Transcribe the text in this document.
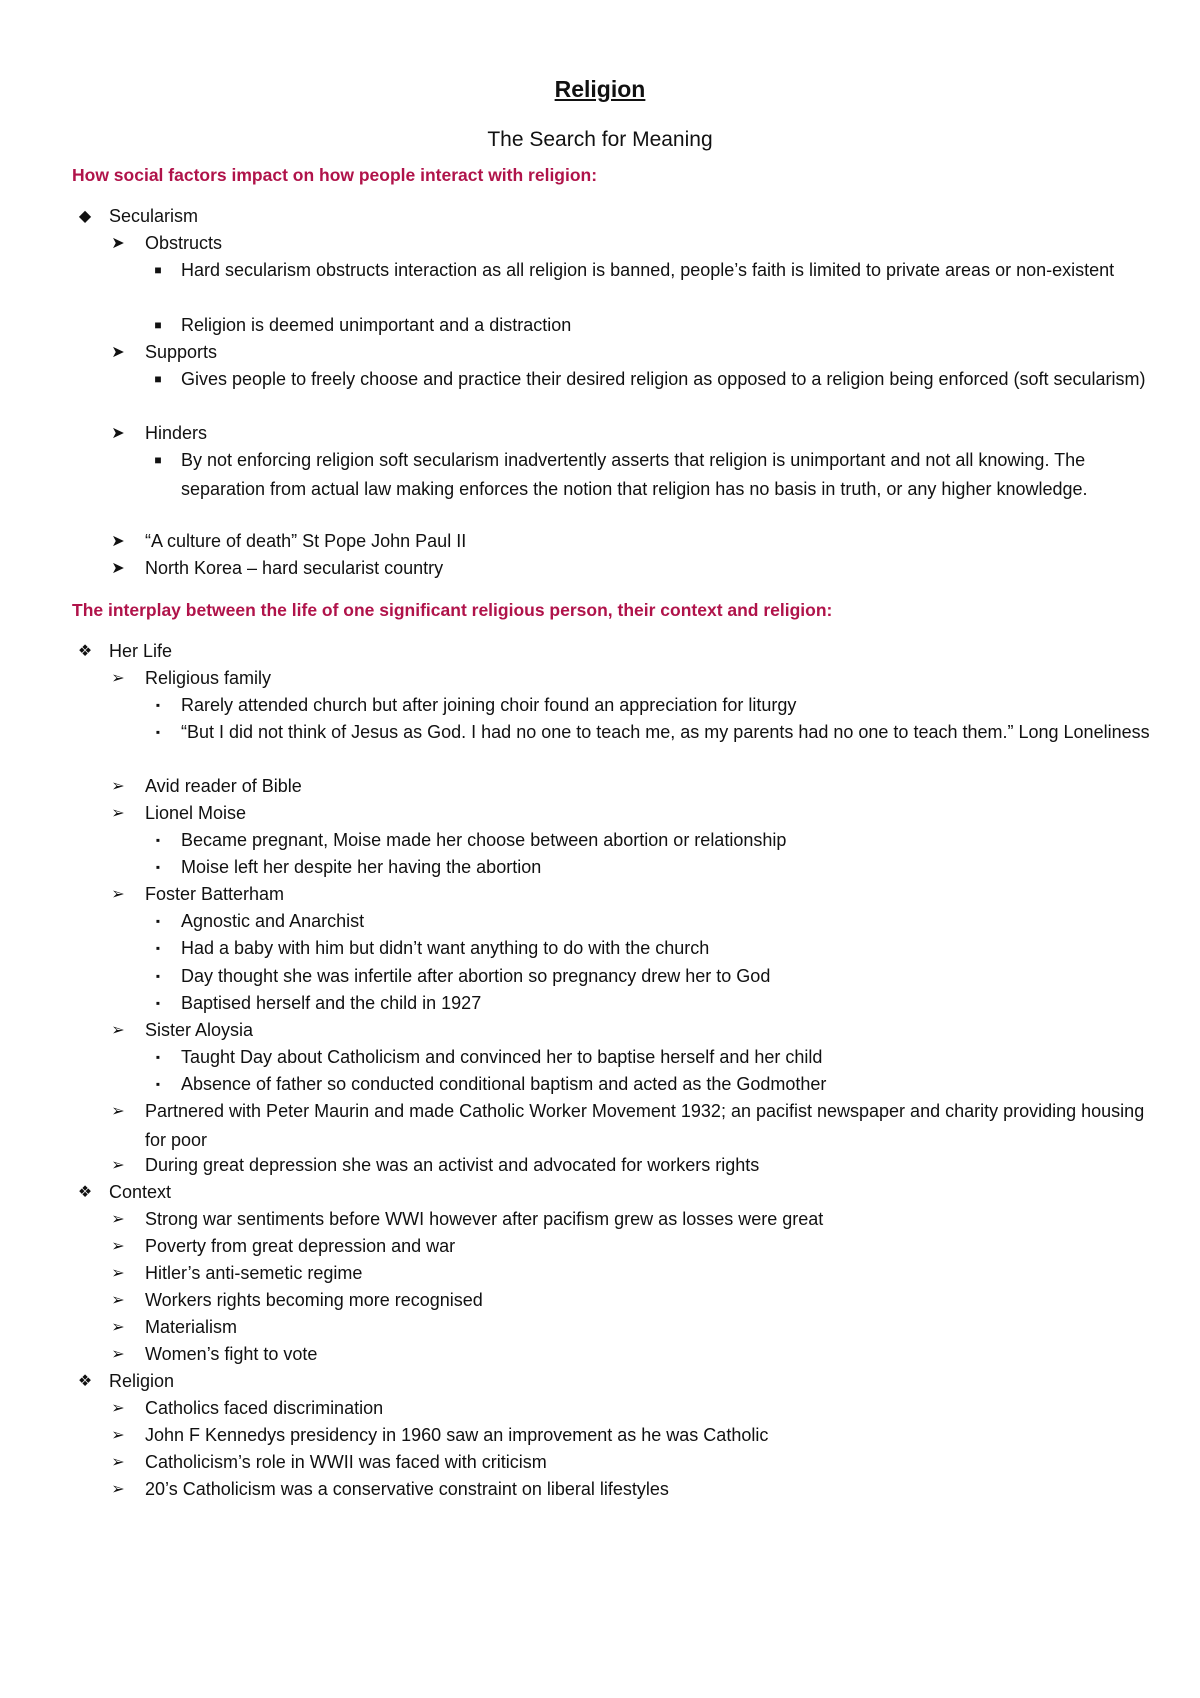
Religion
The Search for Meaning
How social factors impact on how people interact with religion:
◆ Secularism
➤ Obstructs
■	Hard secularism obstructs interaction as all religion is banned, people’s faith is limited to private areas or non-existent
■	Religion is deemed unimportant and a distraction
➤ Supports
■	Gives people to freely choose and practice their desired religion as opposed to a religion being enforced (soft secularism)
➤ Hinders
■	By not enforcing religion soft secularism inadvertently asserts that religion is unimportant and not all knowing. The separation from actual law making enforces the notion that religion has no basis in truth, or any higher knowledge.
➤ “A culture of death” St Pope John Paul II
➤ North Korea – hard secularist country
The interplay between the life of one significant religious person, their context and religion:
❖ Her Life
➢ Religious family
▪	Rarely attended church but after joining choir found an appreciation for liturgy
▪	“But I did not think of Jesus as God. I had no one to teach me, as my parents had no one to teach them.” Long Loneliness
➢ Avid reader of Bible
➢ Lionel Moise
▪	Became pregnant, Moise made her choose between abortion or relationship
▪	Moise left her despite her having the abortion
➢ Foster Batterham
▪	Agnostic and Anarchist
▪	Had a baby with him but didn’t want anything to do with the church
▪	Day thought she was infertile after abortion so pregnancy drew her to God
▪	Baptised herself and the child in 1927
➢ Sister Aloysia
▪	Taught Day about Catholicism and convinced her to baptise herself and her child
▪	Absence of father so conducted conditional baptism and acted as the Godmother
➢ Partnered with Peter Maurin and made Catholic Worker Movement 1932; an pacifist newspaper and charity providing housing for poor
➢ During great depression she was an activist and advocated for workers rights
❖ Context
➢ Strong war sentiments before WWI however after pacifism grew as losses were great
➢ Poverty from great depression and war
➢ Hitler’s anti-semetic regime
➢ Workers rights becoming more recognised
➢ Materialism
➢ Women’s fight to vote
❖ Religion
➢ Catholics faced discrimination
➢ John F Kennedys presidency in 1960 saw an improvement as he was Catholic
➢ Catholicism’s role in WWII was faced with criticism
➢ 20’s Catholicism was a conservative constraint on liberal lifestyles
